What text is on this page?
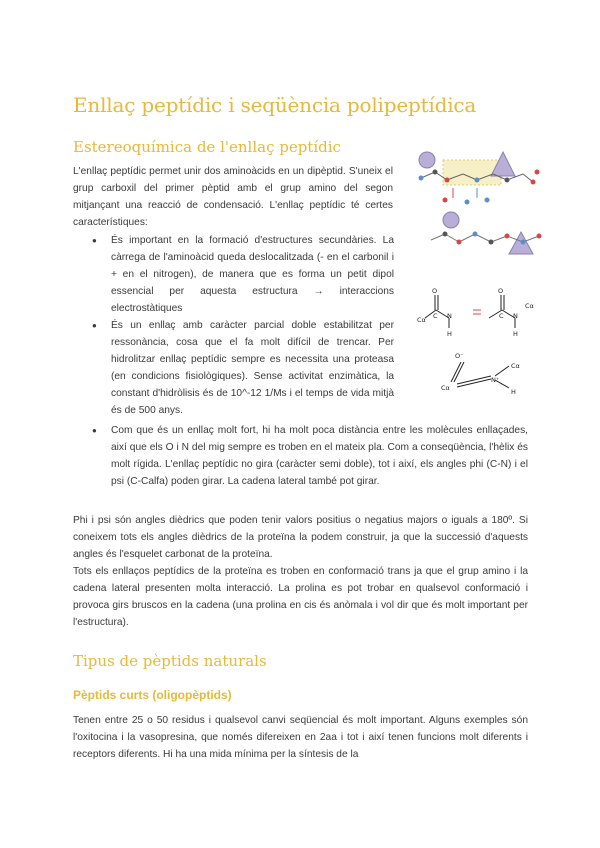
Enllaç peptídic i seqüència polipeptídica
Estereoquímica de l'enllaç peptídic

L'enllaç peptídic permet unir dos aminoàcids en un dipèptid. S'uneix el grup carboxil del primer pèptid amb el grup amino del segon mitjançant una reacció de condensació. L'enllaç peptídic té certes característiques:

● És important en la formació d'estructures secundàries. La càrrega de l'aminoàcid queda deslocalitzada (- en el carbonil i + en el nitrogen), de manera que es forma un petit dipol essencial per aquesta estructura → interaccions electrostàtiques
● És un enllaç amb caràcter parcial doble estabilitzat per ressonància, cosa que el fa molt difícil de trencar. Per hidrolitzar enllaç peptídic sempre es necessita una proteasa (en condicions fisiològiques). Sense activitat enzimàtica, la constant d'hidròlisis és de 10^-12 1/Ms i el temps de vida mitjà és de 500 anys.
● Com que és un enllaç molt fort, hi ha molt poca distància entre les molècules enllaçades, així que els O i N del mig sempre es troben en el mateix pla. Com a conseqüència, l'hèlix és molt rígida. L'enllaç peptídic no gira (caràcter semi doble), tot i així, els angles phi (C-N) i el psi (C-Calfa) poden girar. La cadena lateral també pot girar.

Phi i psi són angles dièdrics que poden tenir valors positius o negatius majors o iguals a 180º. Si coneixem tots els angles dièdrics de la proteïna la podem construir, ja que la successió d'aquests angles és l'esquelet carbonat de la proteïna.

Tots els enllaços peptídics de la proteïna es troben en conformació trans ja que el grup amino i la cadena lateral presenten molta interacció. La prolina es pot trobar en qualsevol conformació i provoca girs bruscos en la cadena (una prolina en cis és anòmala i vol dir que és molt important per l'estructura).

Tipus de pèptids naturals
Pèptids curts (oligopèptids)

Tenen entre 25 o 50 residus i qualsevol canvi seqüencial és molt important. Alguns exemples són l'oxitocina i la vasopresina, que només difereixen en 2aa i tot i així tenen funcions molt diferents i receptors diferents. Hi ha una mida mínima per la síntesis de la

O
C N
H
Cα
O
C N
H
Cα
O⁻
N⁺
Cα
Cα
H
